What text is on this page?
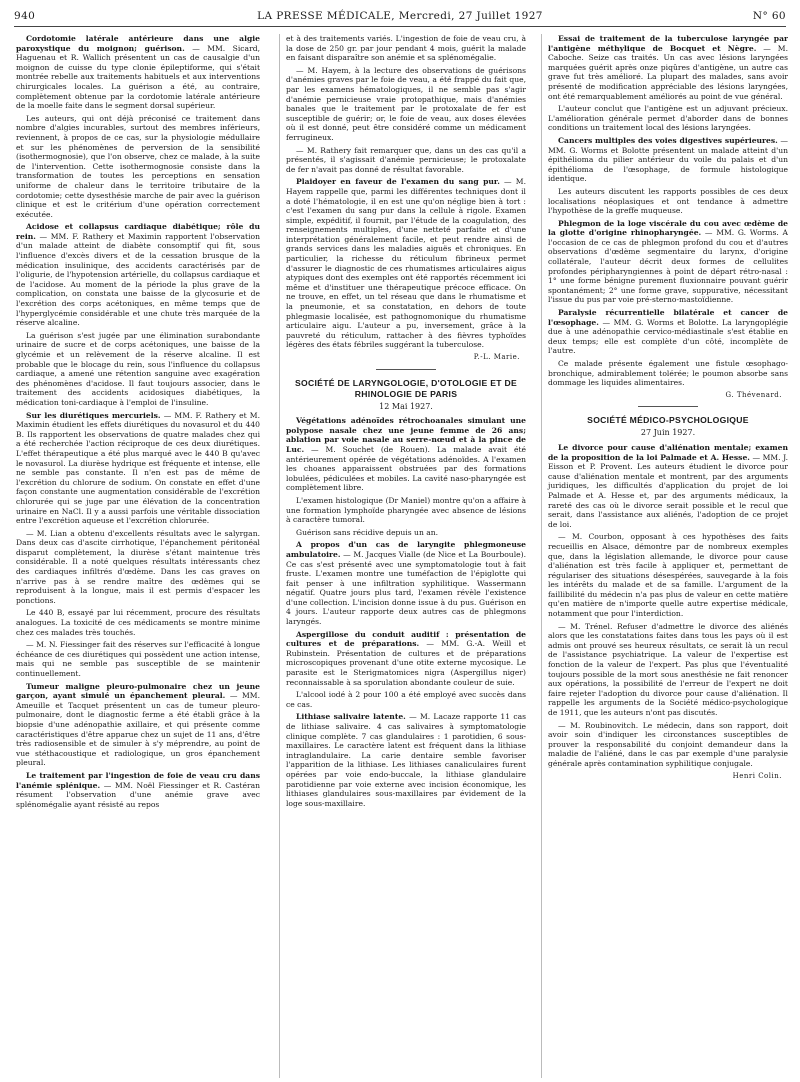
940	LA PRESSE MÉDICALE, Mercredi, 27 Juillet 1927	N° 60

Cordotomie latérale antérieure dans une algie paroxystique du moignon; guérison. — MM. Sicard, Haguenau et R. Wallich présentent un cas de causalgie d'un moignon de cuisse du type clonie épileptiforme, qui s'était montrée rebelle aux traitements habituels et aux interventions chirurgicales locales. La guérison a été, au contraire, complètement obtenue par la cordotomie latérale antérieure de la moelle faite dans le segment dorsal supérieur.

Les auteurs, qui ont déjà préconisé ce traitement dans nombre d'algies incurables, surtout des membres inférieurs, reviennent, à propos de ce cas, sur la physiologie médullaire et sur les phénomènes de perversion de la sensibilité (isothermognosie), que l'on observe, chez ce malade, à la suite de l'intervention. Cette isothermognosie consiste dans la transformation de toutes les perceptions en sensation uniforme de chaleur dans le territoire tributaire de la cordotomie; cette dysesthésie marche de pair avec la guérison clinique et est le critérium d'une opération correctement exécutée.

Acidose et collapsus cardiaque diabétique; rôle du rein. — MM. F. Rathery et Maximin rapportent l'observation d'un malade atteint de diabète consomptif qui fit, sous l'influence d'excès divers et de la cessation brusque de la médication insulinique, des accidents caractérisés par de l'oligurie, de l'hypotension artérielle, du collapsus cardiaque et de l'acidose. Au moment de la période la plus grave de la complication, on constata une baisse de la glycosurie et de l'excrétion des corps acétoniques, en même temps que de l'hyperglycémie considérable et une chute très marquée de la réserve alcaline.

La guérison s'est jugée par une élimination surabondante urinaire de sucre et de corps acétoniques, une baisse de la glycémie et un relèvement de la réserve alcaline. Il est probable que le blocage du rein, sous l'influence du collapsus cardiaque, a amené une rétention sanguine avec exagération des phénomènes d'acidose. Il faut toujours associer, dans le traitement des accidents acidosiques diabétiques, la médication toni-cardiaque à l'emploi de l'insuline.

Sur les diurétiques mercuriels. — MM. F. Rathery et M. Maximin étudient les effets diurétiques du novasurol et du 440 B. Ils rapportent les observations de quatre malades chez qui a été recherchée l'action réciproque de ces deux diurétiques. L'effet thérapeutique a été plus marqué avec le 440 B qu'avec le novasurol. La diurèse hydrique est fréquente et intense, elle ne semble pas constante. Il n'en est pas de même de l'excrétion du chlorure de sodium. On constate en effet d'une façon constante une augmentation considérable de l'excrétion chlorurée qui se juge par une élévation de la concentration urinaire en NaCl. Il y a aussi parfois une véritable dissociation entre l'excrétion aqueuse et l'excrétion chlorurée.

— M. Lian a obtenu d'excellents résultats avec le salyrgan. Dans deux cas d'ascite cirrhotique, l'épanchement péritonéal disparut complètement, la diurèse s'étant maintenue très considérable. Il a noté quelques résultats intéressants chez des cardiaques infiltrés d'œdème. Dans les cas graves on n'arrive pas à se rendre maître des œdèmes qui se reproduisent à la longue, mais il est permis d'espacer les ponctions.

Le 440 B, essayé par lui récemment, procure des résultats analogues. La toxicité de ces médicaments se montre minime chez ces malades très touchés.

— M. N. Fiessinger fait des réserves sur l'efficacité à longue échéance de ces diurétiques qui possèdent une action intense, mais qui ne semble pas susceptible de se maintenir continuellement.

Tumeur maligne pleuro-pulmonaire chez un jeune garçon, ayant simulé un épanchement pleural. — MM. Ameuille et Tacquet présentent un cas de tumeur pleuro-pulmonaire, dont le diagnostic ferme a été établi grâce à la biopsie d'une adénopathie axillaire, et qui présente comme caractéristiques d'être apparue chez un sujet de 11 ans, d'être très radiosensible et de simuler à s'y méprendre, au point de vue stéthacoustique et radiologique, un gros épanchement pleural.

Le traitement par l'ingestion de foie de veau cru dans l'anémie splénique. — MM. Noël Fiessinger et R. Castéran résument l'observation d'une anémie grave avec splénomégalie ayant résisté au repos

et à des traitements variés. L'ingestion de foie de veau cru, à la dose de 250 gr. par jour pendant 4 mois, guérit la malade en faisant disparaître son anémie et sa splénomégalie.

— M. Hayem, à la lecture des observations de guérisons d'anémies graves par le foie de veau, a été frappé du fait que, par les examens hématologiques, il ne semble pas s'agir d'anémie pernicieuse vraie protopathique, mais d'anémies banales que le traitement par le protoxalate de fer est susceptible de guérir; or, le foie de veau, aux doses élevées où il est donné, peut être considéré comme un médicament ferrugineux.

— M. Rathery fait remarquer que, dans un des cas qu'il a présentés, il s'agissait d'anémie pernicieuse; le protoxalate de fer n'avait pas donné de résultat favorable.

Plaidoyer en faveur de l'examen du sang pur. — M. Hayem rappelle que, parmi les différentes techniques dont il a doté l'hématologie, il en est une qu'on néglige bien à tort : c'est l'examen du sang pur dans la cellule à rigole. Examen simple, expéditif, il fournit, par l'étude de la coagulation, des renseignements multiples, d'une netteté parfaite et d'une interprétation généralement facile, et peut rendre ainsi de grands services dans les maladies aiguës et chroniques. En particulier, la richesse du réticulum fibrineux permet d'assurer le diagnostic de ces rhumatismes articulaires aigus atypiques dont des exemples ont été rapportés récemment ici même et d'instituer une thérapeutique précoce efficace. On ne trouve, en effet, un tel réseau que dans le rhumatisme et la pneumonie, et sa constatation, en dehors de toute phlegmasie localisée, est pathognomonique du rhumatisme articulaire aigu. L'auteur a pu, inversement, grâce à la pauvreté du réticulum, rattacher à des fièvres typhoïdes légères des états fébriles suggérant la tuberculose.

P.-L. Marie.
SOCIÉTÉ DE LARYNGOLOGIE, D'OTOLOGIE ET DE RHINOLOGIE DE PARIS
12 Mai 1927.

Végétations adénoïdes rétrochoanales simulant une polypose nasale chez une jeune femme de 26 ans; ablation par voie nasale au serre-nœud et à la pince de Luc. — M. Souchet (de Rouen). La malade avait été antérieurement opérée de végétations adénoïdes. A l'examen les choanes apparaissent obstruées par des formations lobulées, pédiculées et mobiles. La cavité naso-pharyngée est complètement libre.

L'examen histologique (Dr Maniel) montre qu'on a affaire à une formation lymphoïde pharyngée avec absence de lésions à caractère tumoral.

Guérison sans récidive depuis un an.

A propos d'un cas de laryngite phlegmoneuse ambulatoire. — M. Jacques Vialle (de Nice et La Bourboule). Ce cas s'est présenté avec une symptomatologie tout à fait fruste. L'examen montre une tuméfaction de l'épiglotte qui fait penser à une infiltration syphilitique. Wassermann négatif. Quatre jours plus tard, l'examen révèle l'existence d'une collection. L'incision donne issue à du pus. Guérison en 4 jours. L'auteur rapporte deux autres cas de phlegmons laryngés.

Aspergillose du conduit auditif : présentation de cultures et de préparations. — MM. G.-A. Weill et Rubinstein. Présentation de cultures et de préparations microscopiques provenant d'une otite externe mycosique. Le parasite est le Sterigmatomices nigra (Aspergillus niger) reconnaissable à sa sporulation abondante couleur de suie.

L'alcool iodé à 2 pour 100 a été employé avec succès dans ce cas.

Lithiase salivaire latente. — M. Lacaze rapporte 11 cas de lithiase salivaire. 4 cas salivaires à symptomatologie clinique complète. 7 cas glandulaires : 1 parotidien, 6 sous-maxillaires. Le caractère latent est fréquent dans la lithiase intraglandulaire. La carie dentaire semble favoriser l'apparition de la lithiase. Les lithiases canaliculaires furent opérées par voie endo-buccale, la lithiase glandulaire parotidienne par voie externe avec incision économique, les lithiases glandulaires sous-maxillaires par évidement de la loge sous-maxillaire.

Essai de traitement de la tuberculose laryngée par l'antigène méthylique de Bocquet et Nègre. — M. Caboche. Seize cas traités. Un cas avec lésions laryngées marquées guérit après onze piqûres d'antigène, un autre cas grave fut très amélioré. La plupart des malades, sans avoir présenté de modification appréciable des lésions laryngées, ont été remarquablement améliorés au point de vue général.

L'auteur conclut que l'antigène est un adjuvant précieux. L'amélioration générale permet d'aborder dans de bonnes conditions un traitement local des lésions laryngées.

Cancers multiples des voies digestives supérieures. — MM. G. Worms et Bolotte présentent un malade atteint d'un épithélioma du pilier antérieur du voile du palais et d'un épithélioma de l'œsophage, de formule histologique identique.

Les auteurs discutent les rapports possibles de ces deux localisations néoplasiques et ont tendance à admettre l'hypothèse de la greffe muqueuse.

Phlegmon de la loge viscérale du cou avec œdème de la glotte d'origine rhinopharyngée. — MM. G. Worms. A l'occasion de ce cas de phlegmon profond du cou et d'autres observations d'œdème segmentaire du larynx, d'origine collatérale, l'auteur décrit deux formes de cellulites profondes péripharyngiennes à point de départ rétro-nasal : 1° une forme bénigne purement fluxionnaire pouvant guérir spontanément; 2° une forme grave, suppurative, nécessitant l'issue du pus par voie pré-sterno-mastoïdienne.

Paralysie récurrentielle bilatérale et cancer de l'œsophage. — MM. G. Worms et Bolotte. La laryngoplégie due à une adénopathie cervico-médiastinale s'est établie en deux temps; elle est complète d'un côté, incomplète de l'autre.

Ce malade présente également une fistule œsophago-bronchique, admirablement tolérée; le poumon absorbe sans dommage les liquides alimentaires.

G. Thévenard.
SOCIÉTÉ MÉDICO-PSYCHOLOGIQUE
27 Juin 1927.

Le divorce pour cause d'aliénation mentale; examen de la proposition de la loi Palmade et A. Hesse. — MM. J. Eisson et P. Provent. Les auteurs étudient le divorce pour cause d'aliénation mentale et montrent, par des arguments juridiques, les difficultés d'application du projet de loi Palmade et A. Hesse et, par des arguments médicaux, la rareté des cas où le divorce serait possible et le recul que serait, dans l'assistance aux aliénés, l'adoption de ce projet de loi.

— M. Courbon, opposant à ces hypothèses des faits recueillis en Alsace, démontre par de nombreux exemples que, dans la législation allemande, le divorce pour cause d'aliénation est très facile à appliquer et, permettant de régulariser des situations désespérées, sauvegarde à la fois les intérêts du malade et de sa famille. L'argument de la faillibilité du médecin n'a pas plus de valeur en cette matière qu'en matière de n'importe quelle autre expertise médicale, notamment que pour l'interdiction.

— M. Trénel. Refuser d'admettre le divorce des aliénés alors que les constatations faites dans tous les pays où il est admis ont prouvé ses heureux résultats, ce serait là un recul de l'assistance psychiatrique. La valeur de l'expertise est fonction de la valeur de l'expert. Pas plus que l'éventualité toujours possible de la mort sous anesthésie ne fait renoncer aux opérations, la possibilité de l'erreur de l'expert ne doit faire rejeter l'adoption du divorce pour cause d'aliénation. Il rappelle les arguments de la Société médico-psychologique de 1911, que les auteurs n'ont pas discutés.

— M. Roubinovitch. Le médecin, dans son rapport, doit avoir soin d'indiquer les circonstances susceptibles de prouver la responsabilité du conjoint demandeur dans la maladie de l'aliéné, dans le cas par exemple d'une paralysie générale après contamination syphilitique conjugale.

Henri Colin.
